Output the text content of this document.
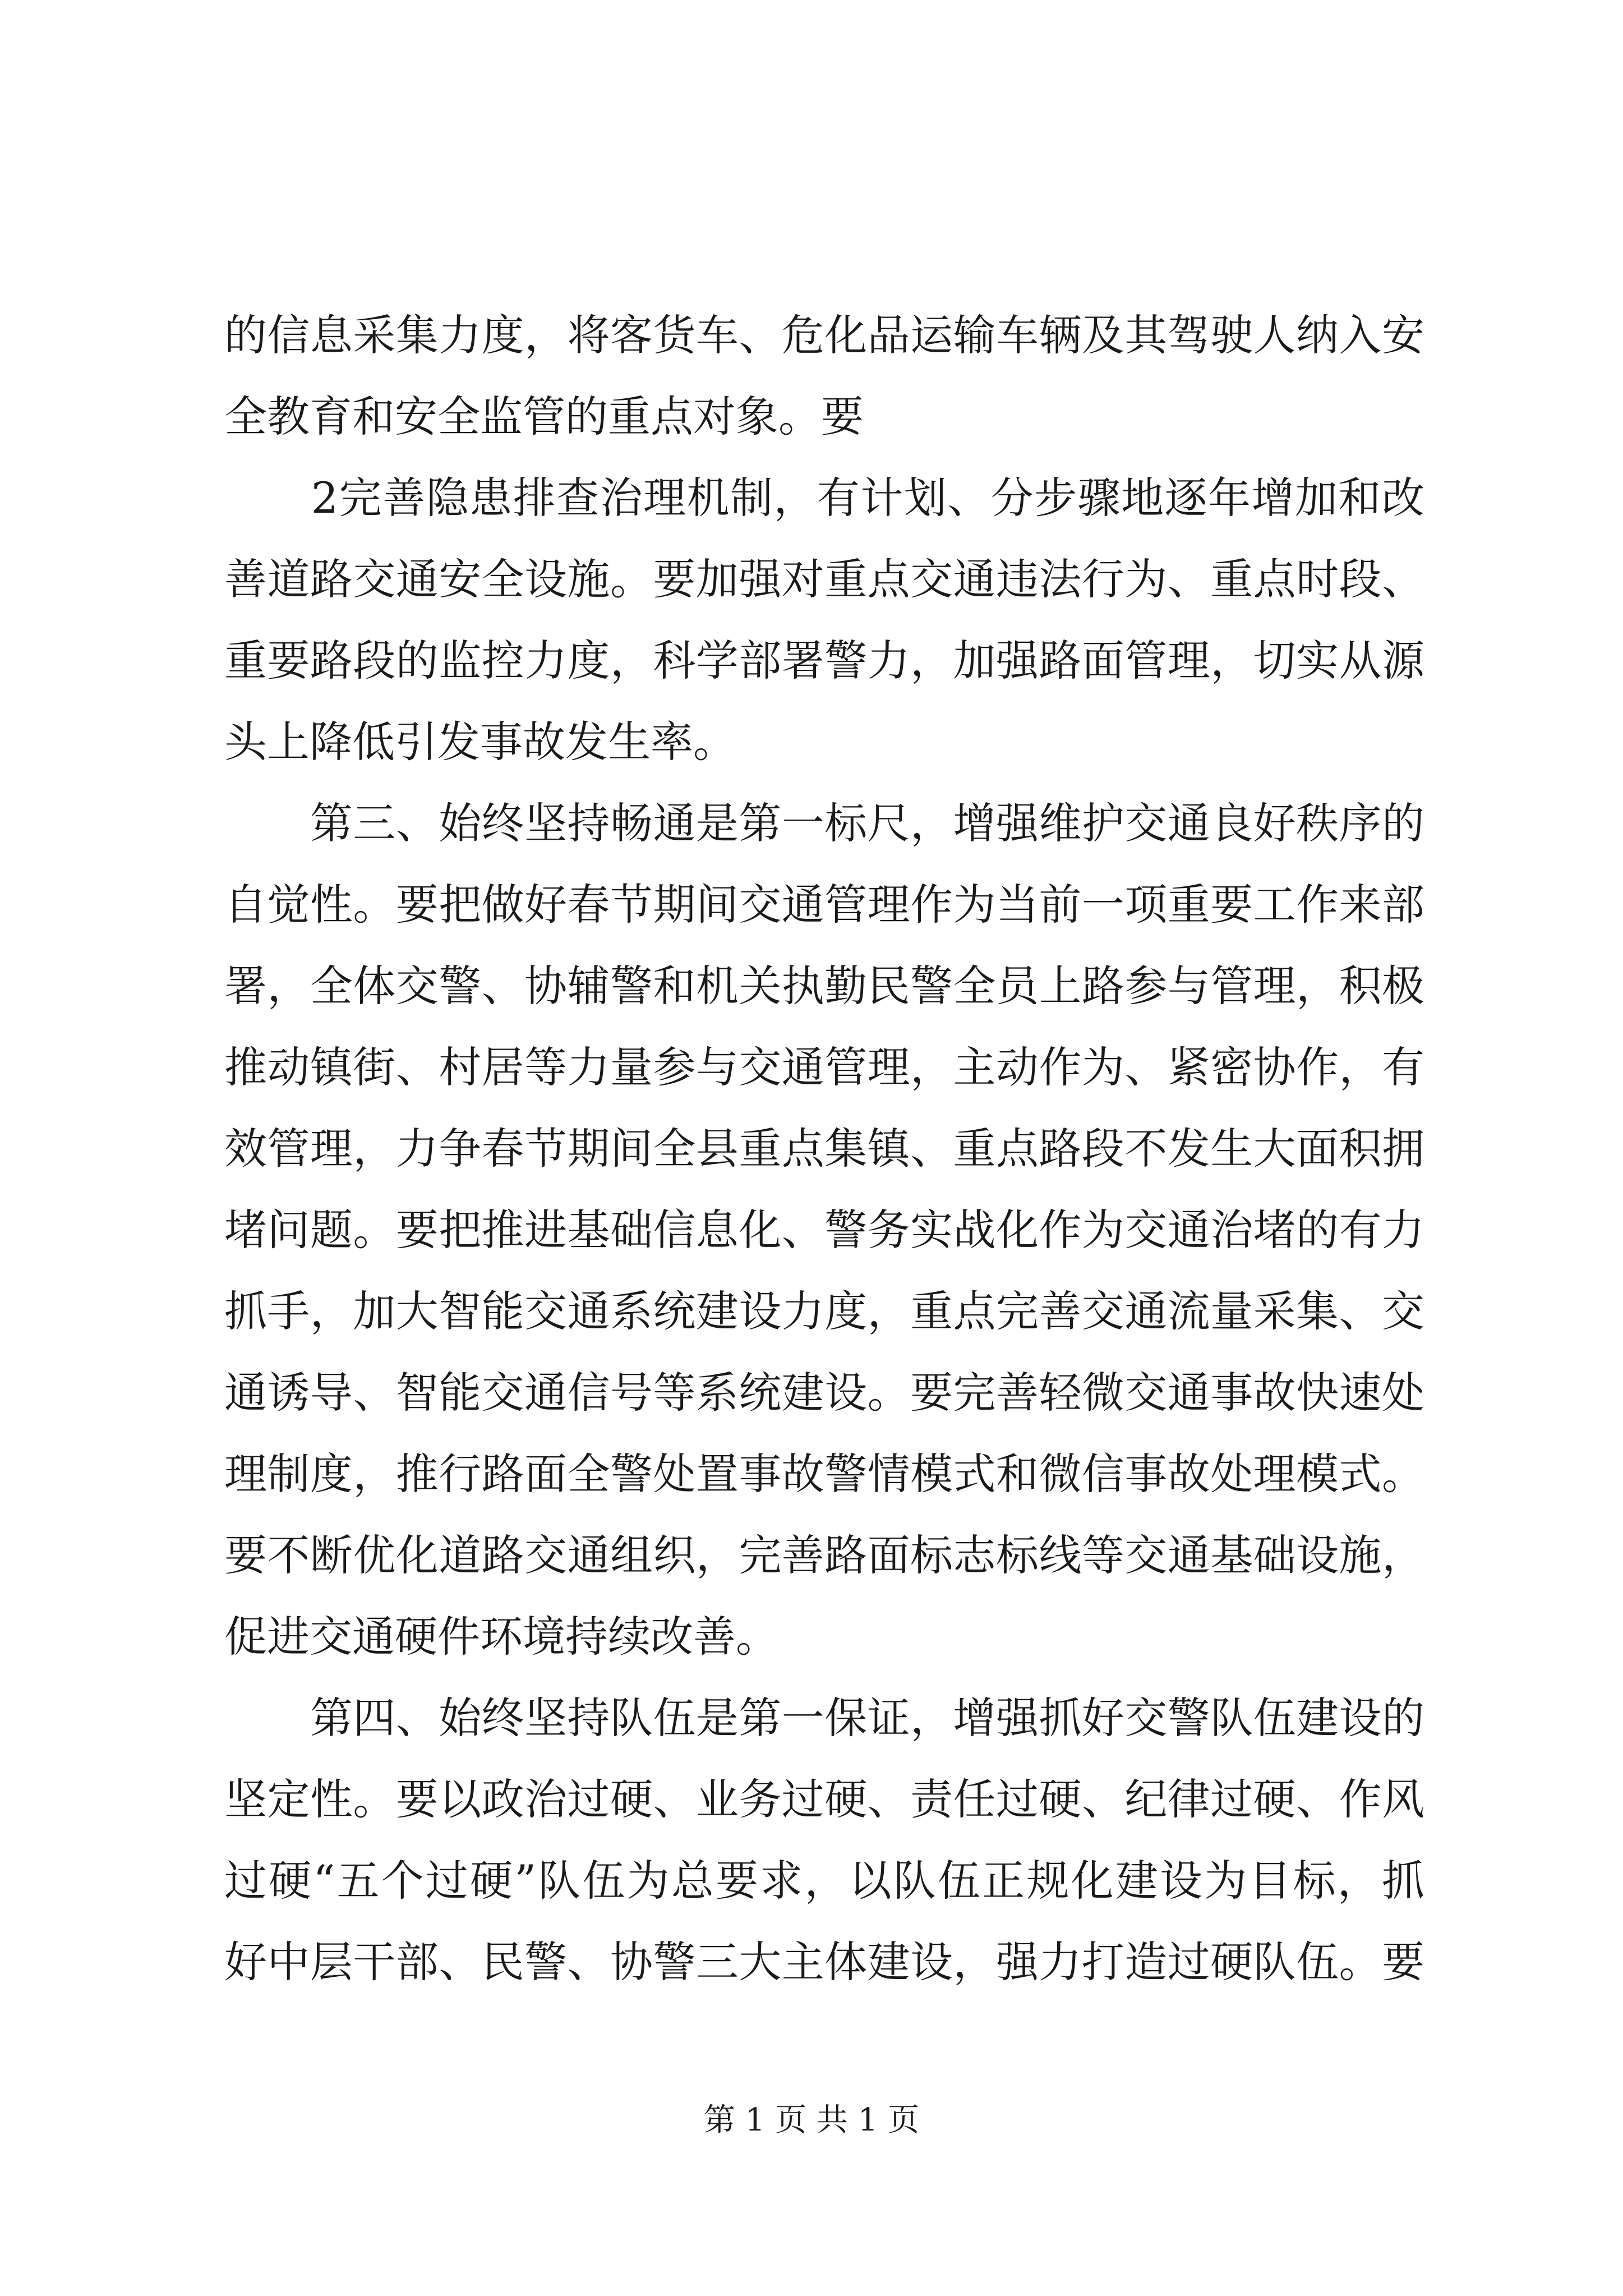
的信息采集力度，将客货车、危化品运输车辆及其驾驶人纳入安
全教育和安全监管的重点对象。要
　　2完善隐患排查治理机制，有计划、分步骤地逐年增加和改
善道路交通安全设施。要加强对重点交通违法行为、重点时段、
重要路段的监控力度，科学部署警力，加强路面管理，切实从源
头上降低引发事故发生率。
　　第三、始终坚持畅通是第一标尺，增强维护交通良好秩序的
自觉性。要把做好春节期间交通管理作为当前一项重要工作来部
署，全体交警、协辅警和机关执勤民警全员上路参与管理，积极
推动镇街、村居等力量参与交通管理，主动作为、紧密协作，有
效管理，力争春节期间全县重点集镇、重点路段不发生大面积拥
堵问题。要把推进基础信息化、警务实战化作为交通治堵的有力
抓手，加大智能交通系统建设力度，重点完善交通流量采集、交
通诱导、智能交通信号等系统建设。要完善轻微交通事故快速处
理制度，推行路面全警处置事故警情模式和微信事故处理模式。
要不断优化道路交通组织，完善路面标志标线等交通基础设施，
促进交通硬件环境持续改善。
　　第四、始终坚持队伍是第一保证，增强抓好交警队伍建设的
坚定性。要以政治过硬、业务过硬、责任过硬、纪律过硬、作风
过硬“五个过硬”队伍为总要求，以队伍正规化建设为目标，抓
好中层干部、民警、协警三大主体建设，强力打造过硬队伍。要
第 1 页 共 1 页
